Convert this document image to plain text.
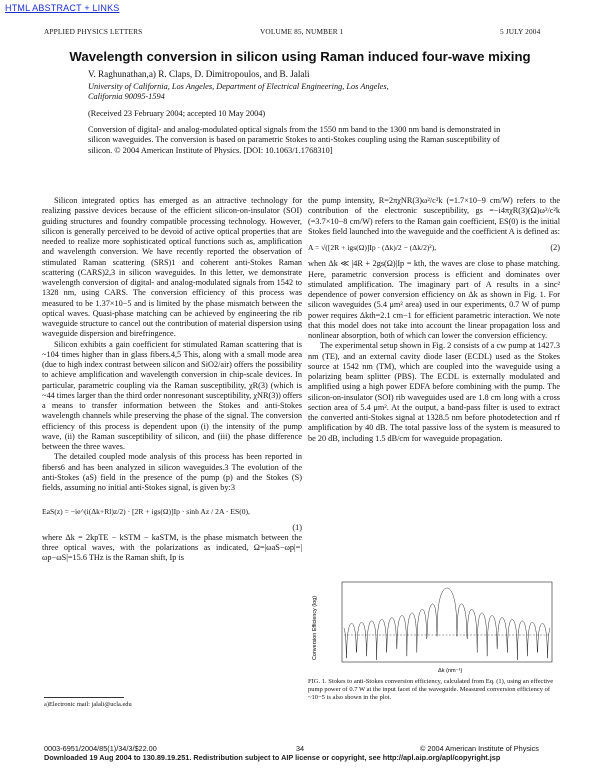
HTML ABSTRACT + LINKS
APPLIED PHYSICS LETTERS	VOLUME 85, NUMBER 1	5 JULY 2004
Wavelength conversion in silicon using Raman induced four-wave mixing
V. Raghunathan,a) R. Claps, D. Dimitropoulos, and B. Jalali
University of California, Los Angeles, Department of Electrical Engineering, Los Angeles,
California 90095-1594
(Received 23 February 2004; accepted 10 May 2004)
Conversion of digital- and analog-modulated optical signals from the 1550 nm band to the 1300 nm band is demonstrated in silicon waveguides. The conversion is based on parametric Stokes to anti-Stokes coupling using the Raman susceptibility of silicon. © 2004 American Institute of Physics. [DOI: 10.1063/1.1768310]

Silicon integrated optics has emerged as an attractive technology for realizing passive devices because of the efficient silicon-on-insulator (SOI) guiding structures and foundry compatible processing technology. However, silicon is generally perceived to be devoid of active optical properties that are needed to realize more sophisticated optical functions such as, amplification and wavelength conversion. We have recently reported the observation of stimulated Raman scattering (SRS)1 and coherent anti-Stokes Raman scattering (CARS)2,3 in silicon waveguides. In this letter, we demonstrate wavelength conversion of digital- and analog-modulated signals from 1542 to 1328 nm, using CARS. The conversion efficiency of this process was measured to be 1.37×10−5 and is limited by the phase mismatch between the optical waves. Quasi-phase matching can be achieved by engineering the rib waveguide structure to cancel out the contribution of material dispersion using waveguide dispersion and birefringence.

Silicon exhibits a gain coefficient for stimulated Raman scattering that is ~104 times higher than in glass fibers.4,5 This, along with a small mode area (due to high index contrast between silicon and SiO2/air) offers the possibility to achieve amplification and wavelength conversion in chip-scale devices. In particular, parametric coupling via the Raman susceptibility, χR(3) (which is ~44 times larger than the third order nonresonant susceptibility, χNR(3)) offers a means to transfer information between the Stokes and anti-Stokes wavelength channels while preserving the phase of the signal. The conversion efficiency of this process is dependent upon (i) the intensity of the pump wave, (ii) the Raman susceptibility of silicon, and (iii) the phase difference between the three waves.

The detailed coupled mode analysis of this process has been reported in fibers6 and has been analyzed in silicon waveguides.3 The evolution of the anti-Stokes (aS) field in the presence of the pump (p) and the Stokes (S) fields, assuming no initial anti-Stokes signal, is given by:3

EaS(z) = −ie^(i(Δk+Rl)z/2) · [2R + igs(Ω)]Ip · sinh Az / 2A · ES(0),
(1)

where Δk = 2kpTE − kSTM − kaSTM, is the phase mismatch between the three optical waves, with the polarizations as indicated, Ω=|ωaS−ωp|=|ωp−ωS|=15.6 THz is the Raman shift, Ip is

the pump intensity, R=2πχNR(3)ω²/c²k (=1.7×10−9 cm/W) refers to the contribution of the electronic susceptibility, gs =−i4πχR(3)(Ω)ω²/c²k (=3.7×10−8 cm/W) refers to the Raman gain coefficient, ES(0) is the initial Stokes field launched into the waveguide and the coefficient A is defined as:

A = √([2R + igs(Ω)]Ip · (Δk)/2 − (Δk/2)²),	(2)

when Δk ≪ |4R + 2gs(Ω)|Ip = kth, the waves are close to phase matching. Here, parametric conversion process is efficient and dominates over stimulated amplification. The imaginary part of A results in a sinc² dependence of power conversion efficiency on Δk as shown in Fig. 1. For silicon waveguides (5.4 μm² area) used in our experiments, 0.7 W of pump power requires Δkth=2.1 cm−1 for efficient parametric interaction. We note that this model does not take into account the linear propagation loss and nonlinear absorption, both of which can lower the conversion efficiency.

The experimental setup shown in Fig. 2 consists of a cw pump at 1427.3 nm (TE), and an external cavity diode laser (ECDL) used as the Stokes source at 1542 nm (TM), which are coupled into the waveguide using a polarizing beam splitter (PBS). The ECDL is externally modulated and amplified using a high power EDFA before combining with the pump. The silicon-on-insulator (SOI) rib waveguides used are 1.8 cm long with a cross section area of 5.4 μm². At the output, a band-pass filter is used to extract the converted anti-Stokes signal at 1328.5 nm before photodetection and rf amplification by 40 dB. The total passive loss of the system is measured to be 20 dB, including 1.5 dB/cm for waveguide propagation.

Conversion Efficiency (log)
Δk (nm⁻¹)
FIG. 1. Stokes to anti-Stokes conversion efficiency, calculated from Eq. (1), using an effective pump power of 0.7 W at the input facet of the waveguide. Measured conversion efficiency of ~10−5 is also shown in the plot.
a)Electronic mail: jalali@ucla.edu
0003-6951/2004/85(1)/34/3/$22.00	34	© 2004 American Institute of Physics
Downloaded 19 Aug 2004 to 130.89.19.251. Redistribution subject to AIP license or copyright, see http://apl.aip.org/apl/copyright.jsp
